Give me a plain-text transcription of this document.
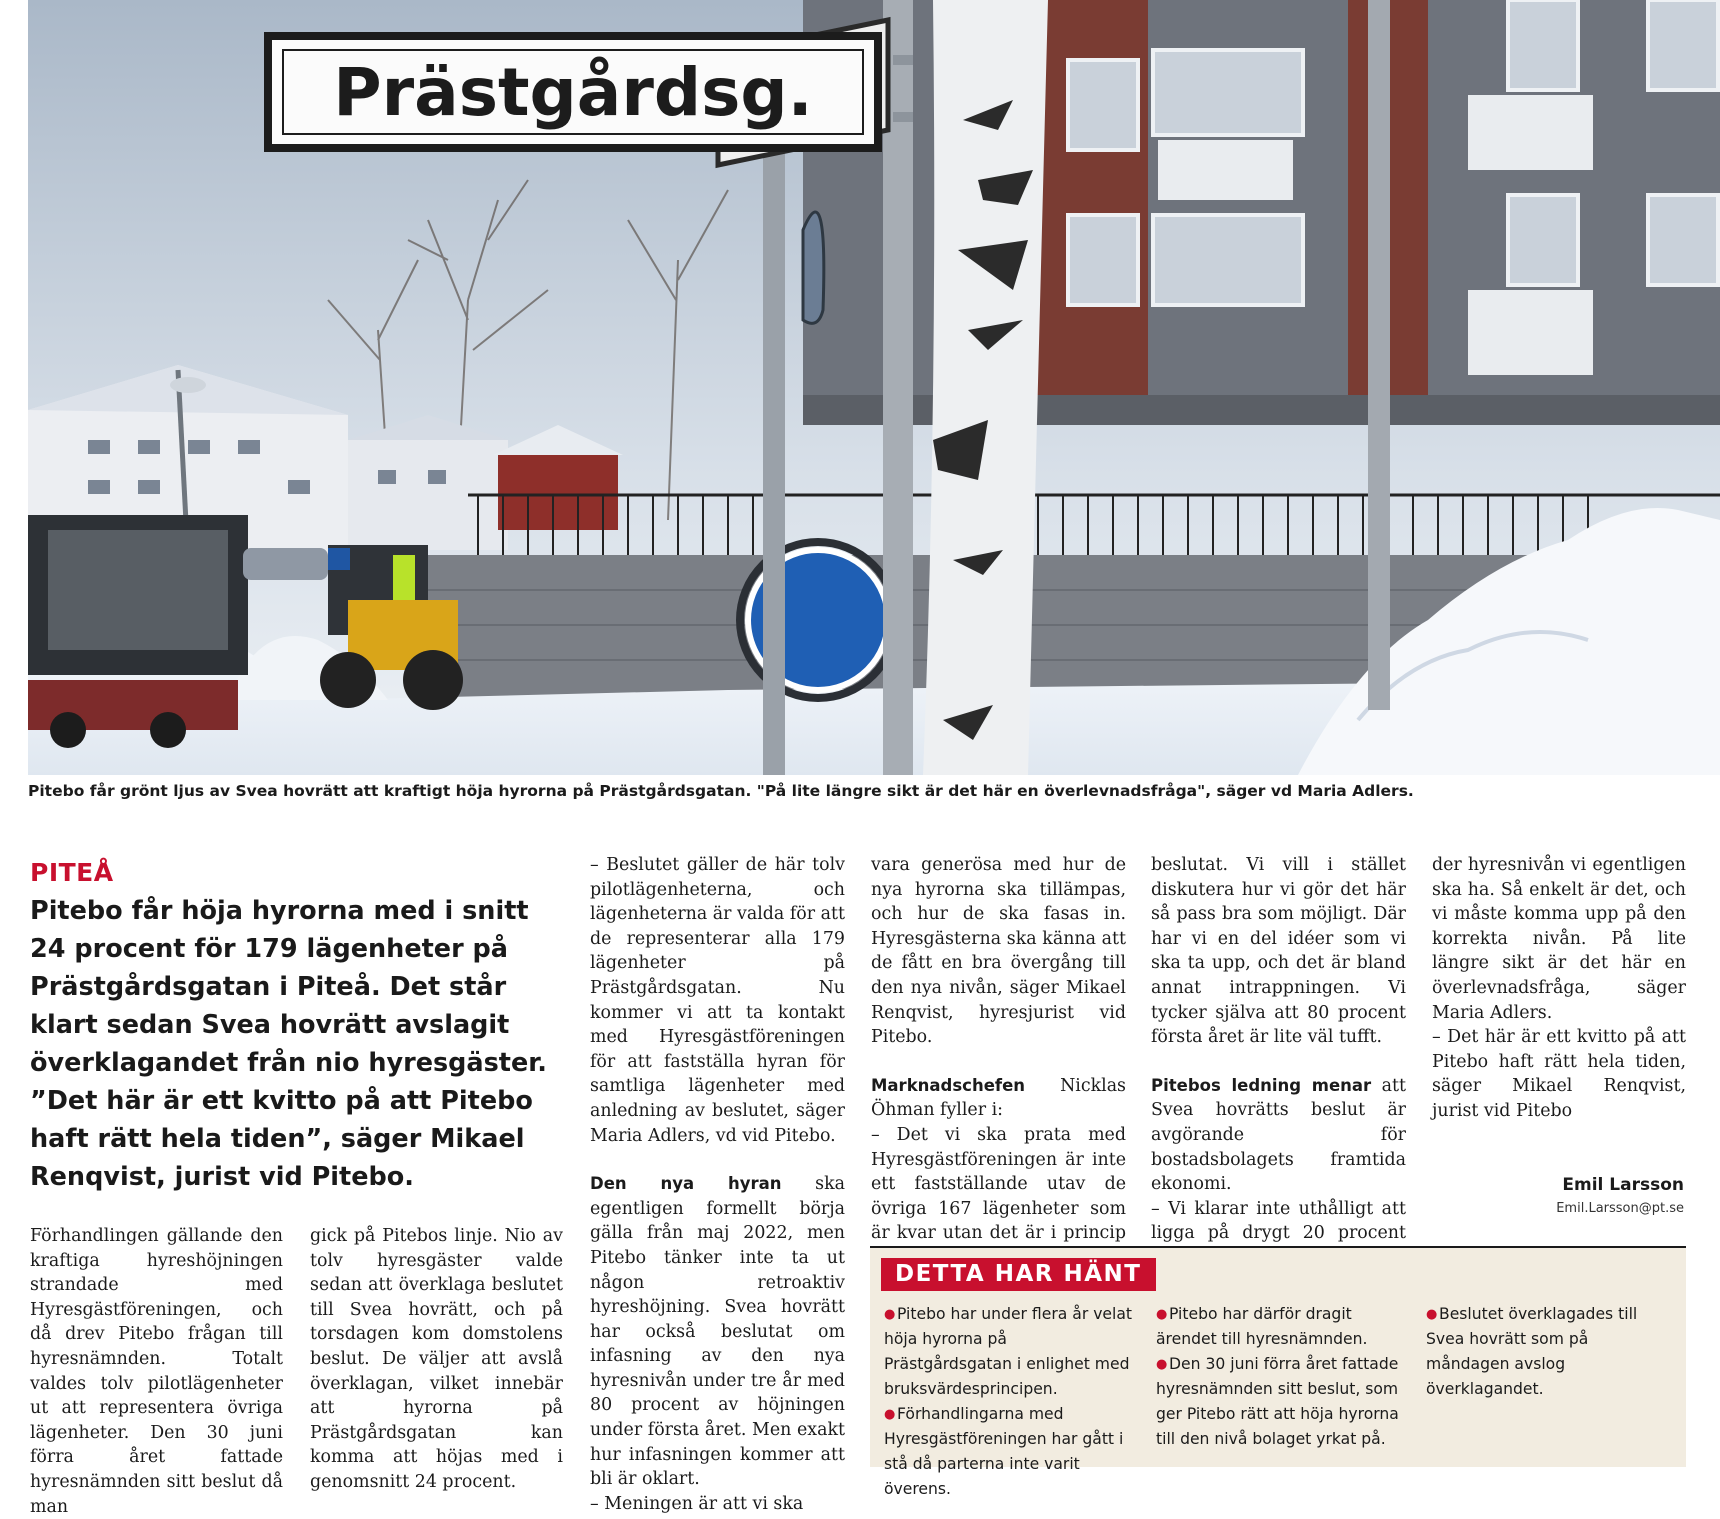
Prästgårdsg.
Pitebo får grönt ljus av Svea hovrätt att kraftigt höja hyrorna på Prästgårdsgatan. "På lite längre sikt är det här en överlevnadsfråga", säger vd Maria Adlers.
PITEÅ
Pitebo får höja hyrorna med i snitt 24 procent för 179 lägenheter på Prästgårdsgatan i Piteå. Det står klart sedan Svea hovrätt avslagit överklagandet från nio hyresgäster. ”Det här är ett kvitto på att Pitebo haft rätt hela tiden”, säger Mikael Renqvist, jurist vid Pitebo.

Förhandlingen gällande den kraftiga hyreshöjningen strandade med Hyresgästföreningen, och då drev Pitebo frågan till hyresnämnden. Totalt valdes tolv pilotlägenheter ut att representera övriga lägenheter. Den 30 juni förra året fattade hyresnämnden sitt beslut då man

gick på Pitebos linje. Nio av tolv hyresgäster valde sedan att överklaga beslutet till Svea hovrätt, och på torsdagen kom domstolens beslut. De väljer att avslå överklagan, vilket innebär att hyrorna på Prästgårdsgatan kan komma att höjas med i genomsnitt 24 procent.

– Beslutet gäller de här tolv pilotlägenheterna, och lägenheterna är valda för att de representerar alla 179 lägenheter på Prästgårdsgatan. Nu kommer vi att ta kontakt med Hyresgästföreningen för att fastställa hyran för samtliga lägenheter med anledning av beslutet, säger Maria Adlers, vd vid Pitebo.

Den nya hyran ska egentligen formellt börja gälla från maj 2022, men Pitebo tänker inte ta ut någon retroaktiv hyreshöjning. Svea hovrätt har också beslutat om infasning av den nya hyresnivån under tre år med 80 procent av höjningen under första året. Men exakt hur infasningen kommer att bli är oklart.

– Meningen är att vi ska

vara generösa med hur de nya hyrorna ska tillämpas, och hur de ska fasas in. Hyresgästerna ska känna att de fått en bra övergång till den nya nivån, säger Mikael Renqvist, hyresjurist vid Pitebo.

Marknadschefen Nicklas Öhman fyller i:

– Det vi ska prata med Hyresgästföreningen är inte ett fastställande utav de övriga 167 lägenheter som är kvar utan det är i princip

beslutat. Vi vill i stället diskutera hur vi gör det här så pass bra som möjligt. Där har vi en del idéer som vi ska ta upp, och det är bland annat intrappningen. Vi tycker själva att 80 procent första året är lite väl tufft.

Pitebos ledning menar att Svea hovrätts beslut är avgörande för bostadsbolagets framtida ekonomi.

– Vi klarar inte uthålligt att ligga på drygt 20 procent

der hyresnivån vi egentligen ska ha. Så enkelt är det, och vi måste komma upp på den korrekta nivån. På lite längre sikt är det här en överlevnadsfråga, säger Maria Adlers.

– Det här är ett kvitto på att Pitebo haft rätt hela tiden, säger Mikael Renqvist, jurist vid Pitebo

Emil Larsson
Emil.Larsson@pt.se
DETTA HAR HÄNT

● Pitebo har under flera år velat höja hyrorna på Prästgårdsgatan i enlighet med bruksvärdesprincipen.

● Förhandlingarna med Hyresgästföreningen har gått i stå då parterna inte varit överens.

● Pitebo har därför dragit ärendet till hyresnämnden.

● Den 30 juni förra året fattade hyresnämnden sitt beslut, som ger Pitebo rätt att höja hyrorna till den nivå bolaget yrkat på.

● Beslutet överklagades till Svea hovrätt som på måndagen avslog överklagandet.
